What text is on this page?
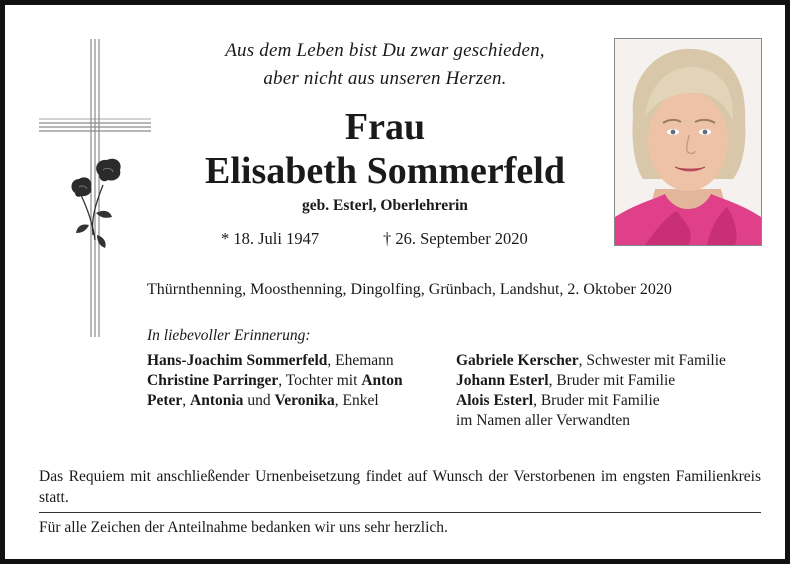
Aus dem Leben bist Du zwar geschieden,
aber nicht aus unseren Herzen.
Frau
Elisabeth Sommerfeld
geb. Esterl, Oberlehrerin
* 18. Juli 1947	† 26. September 2020
Thürnthenning, Moosthenning, Dingolfing, Grünbach, Landshut, 2. Oktober 2020
In liebevoller Erinnerung:
Hans-Joachim Sommerfeld, Ehemann
Christine Parringer, Tochter mit Anton
Peter, Antonia und Veronika, Enkel
Gabriele Kerscher, Schwester mit Familie
Johann Esterl, Bruder mit Familie
Alois Esterl, Bruder mit Familie
im Namen aller Verwandten
Das Requiem mit anschließender Urnenbeisetzung findet auf Wunsch der Verstorbenen im engsten Familienkreis statt.
Für alle Zeichen der Anteilnahme bedanken wir uns sehr herzlich.
